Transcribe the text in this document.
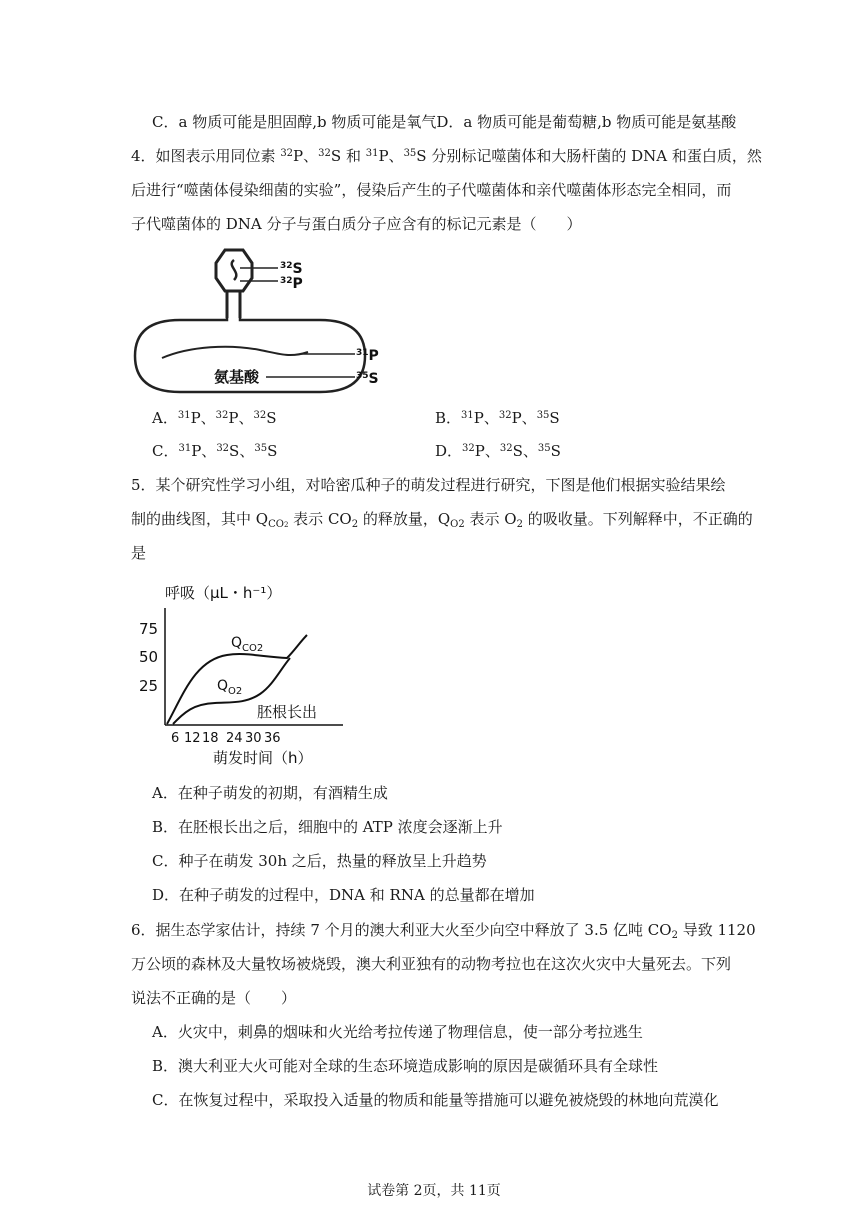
C．a 物质可能是胆固醇,b 物质可能是氧气D．a 物质可能是葡萄糖,b 物质可能是氨基酸
4．如图表示用同位素 $^{32}$P、$^{32}$S 和 $^{31}$P、$^{35}$S 分别标记噬菌体和大肠杆菌的 DNA 和蛋白质，然
后进行“噬菌体侵染细菌的实验”，侵染后产生的子代噬菌体和亲代噬菌体形态完全相同，而
子代噬菌体的 DNA 分子与蛋白质分子应含有的标记元素是（　　）
$^{32}$S
$^{32}$P
$^{31}$P
氨基酸	$^{35}$S
A．$^{31}$P、$^{32}$P、$^{32}$S	B．$^{31}$P、$^{32}$P、$^{35}$S
C．$^{31}$P、$^{32}$S、$^{35}$S	D．$^{32}$P、$^{32}$S、$^{35}$S
5．某个研究性学习小组，对哈密瓜种子的萌发过程进行研究，下图是他们根据实验结果绘
制的曲线图，其中 $Q_{CO2}$ 表示 $CO_2$ 的释放量，$Q_{O2}$ 表示 $O_2$ 的吸收量。下列解释中，不正确的
是
呼吸（μL・h⁻¹）
75
50
25
6 12 18 24 30 36
萌发时间（h）
$Q_{CO2}$
$Q_{O2}$
胚根长出
A．在种子萌发的初期，有酒精生成
B．在胚根长出之后，细胞中的 ATP 浓度会逐渐上升
C．种子在萌发 30h 之后，热量的释放呈上升趋势
D．在种子萌发的过程中，DNA 和 RNA 的总量都在增加
6．据生态学家估计，持续 7 个月的澳大利亚大火至少向空中释放了 3.5 亿吨 $CO_2$ 导致 1120
万公顷的森林及大量牧场被烧毁，澳大利亚独有的动物考拉也在这次火灾中大量死去。下列
说法不正确的是（　　）
A．火灾中，刺鼻的烟味和火光给考拉传递了物理信息，使一部分考拉逃生
B．澳大利亚大火可能对全球的生态环境造成影响的原因是碳循环具有全球性
C．在恢复过程中，采取投入适量的物质和能量等措施可以避免被烧毁的林地向荒漠化
试卷第 2页，共 11页
